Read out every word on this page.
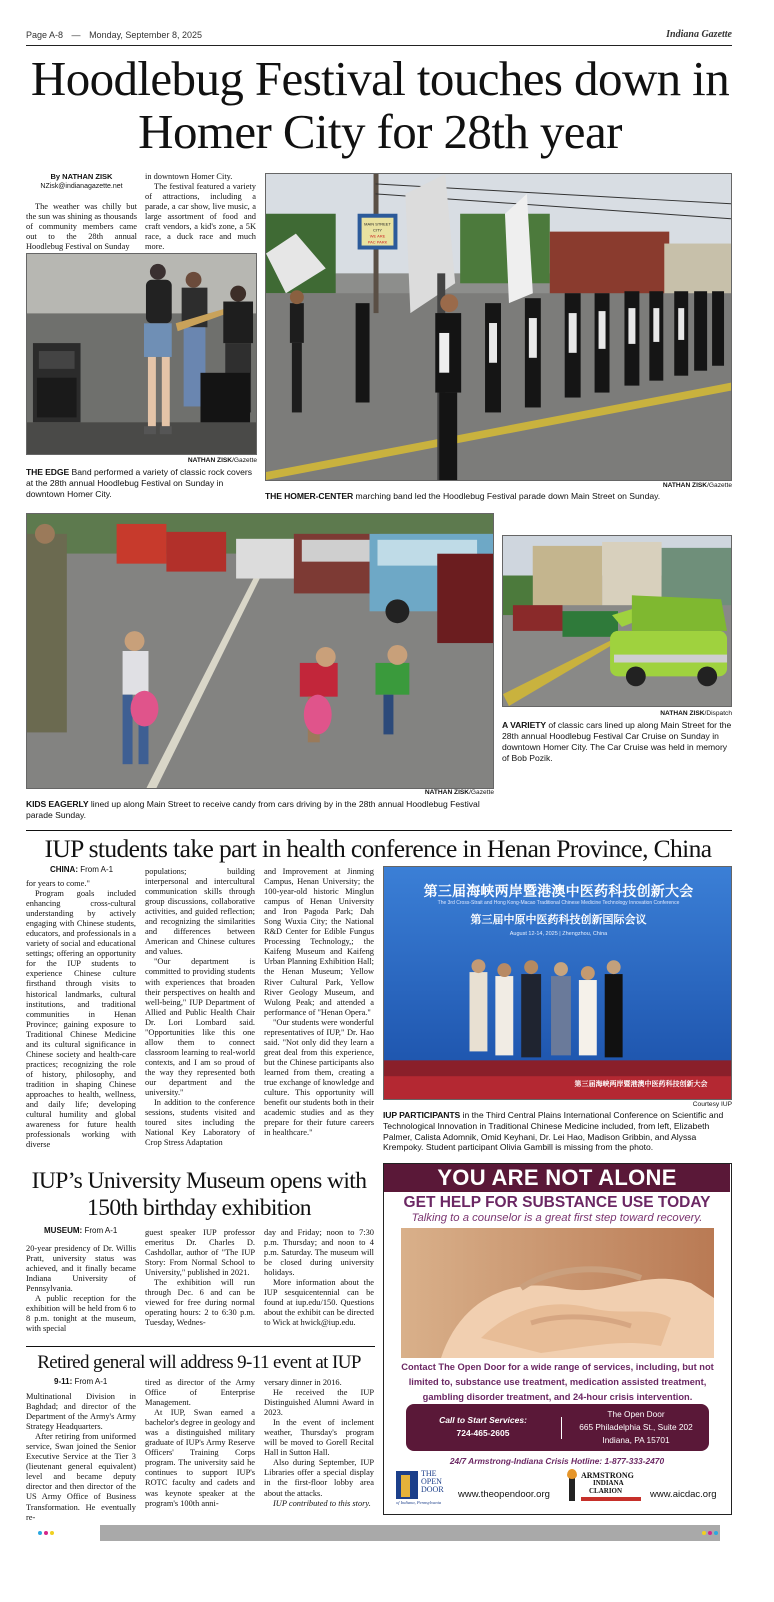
Page A-8 — Monday, September 8, 2025	Indiana Gazette
Hoodlebug Festival touches down in Homer City for 28th year
By NATHAN ZISK
NZisk@indianagazette.net

The weather was chilly but the sun was shining as thousands of community members came out to the 28th annual Hoodlebug Festival on Sunday

in downtown Homer City.

The festival featured a variety of attractions, including a parade, a car show, live music, a large assortment of food and craft vendors, a kid's zone, a 5K race, a duck race and much more.

NATHAN ZISK/Gazette
THE EDGE Band performed a variety of classic rock covers at the 28th annual Hoodlebug Festival on Sunday in downtown Homer City.
MAIN STREET
CITY
WE ARE
PAC PARK
NATHAN ZISK/Gazette
THE HOMER-CENTER marching band led the Hoodlebug Festival parade down Main Street on Sunday.
NATHAN ZISK/Gazette
KIDS EAGERLY lined up along Main Street to receive candy from cars driving by in the 28th annual Hoodlebug Festival parade Sunday.
NATHAN ZISK/Dispatch
A VARIETY of classic cars lined up along Main Street for the 28th annual Hoodlebug Festival Car Cruise on Sunday in downtown Homer City. The Car Cruise was held in memory of Bob Pozik.
IUP students take part in health conference in Henan Province, China
CHINA: From A-1

for years to come."

Program goals included enhancing cross-cultural understanding by actively engaging with Chinese students, educators, and professionals in a variety of social and educational settings; offering an opportunity for the IUP students to experience Chinese culture firsthand through visits to historical landmarks, cultural institutions, and traditional communities in Henan Province; gaining exposure to Traditional Chinese Medicine and its cultural significance in Chinese society and health-care practices; recognizing the role of history, philosophy, and tradition in shaping Chinese approaches to health, wellness, and daily life; developing cultural humility and global awareness for future health professionals working with diverse

populations; building interpersonal and intercultural communication skills through group discussions, collaborative activities, and guided reflection; and recognizing the similarities and differences between American and Chinese cultures and values.

"Our department is committed to providing students with experiences that broaden their perspectives on health and well-being," IUP Department of Allied and Public Health Chair Dr. Lori Lombard said. "Opportunities like this one allow them to connect classroom learning to real-world contexts, and I am so proud of the way they represented both our department and the university."

In addition to the conference sessions, students visited and toured sites including the National Key Laboratory of Crop Stress Adaptation

and Improvement at Jinming Campus, Henan University; the 100-year-old historic Minglun campus of Henan University and Iron Pagoda Park; Dah Song Wuxia City; the National R&D Center for Edible Fungus Processing Technology,; the Kaifeng Museum and Kaifeng Urban Planning Exhibition Hall; the Henan Museum; Yellow River Cultural Park, Yellow River Geology Museum, and Wulong Peak; and attended a performance of "Henan Opera."

"Our students were wonderful representatives of IUP," Dr. Hao said. "Not only did they learn a great deal from this experience, but the Chinese participants also learned from them, creating a true exchange of knowledge and culture. This opportunity will benefit our students both in their academic studies and as they prepare for their future careers in healthcare."

第三届海峡两岸暨港澳中医药科技创新大会
The 3rd Cross-Strait and Hong Kong-Macao Traditional Chinese Medicine Technology Innovation Conference
第三届中原中医药科技创新国际会议
August 12-14, 2025 | Zhengzhou, China
第三届海峡两岸暨港澳中医药科技创新大会
Courtesy IUP
IUP PARTICIPANTS in the Third Central Plains International Conference on Scientific and Technological Innovation in Traditional Chinese Medicine included, from left, Elizabeth Palmer, Calista Adomnik, Omid Keyhani, Dr. Lei Hao, Madison Gribbin, and Alyssa Krempoky. Student participant Olivia Gambill is missing from the photo.
IUP’s University Museum opens with 150th birthday exhibition
MUSEUM: From A-1

20-year presidency of Dr. Willis Pratt, university status was achieved, and it finally became Indiana University of Pennsylvania.

A public reception for the exhibition will be held from 6 to 8 p.m. tonight at the museum, with special

guest speaker IUP professor emeritus Dr. Charles D. Cashdollar, author of "The IUP Story: From Normal School to University," published in 2021.

The exhibition will run through Dec. 6 and can be viewed for free during normal operating hours: 2 to 6:30 p.m. Tuesday, Wednes-

day and Friday; noon to 7:30 p.m. Thursday; and noon to 4 p.m. Saturday. The museum will be closed during university holidays.

More information about the IUP sesquicentennial can be found at iup.edu/150. Questions about the exhibit can be directed to Wick at hwick@iup.edu.

Retired general will address 9-11 event at IUP
9-11: From A-1

Multinational Division in Baghdad; and director of the Department of the Army's Army Strategy Headquarters.

After retiring from uniformed service, Swan joined the Senior Executive Service at the Tier 3 (lieutenant general equivalent) level and became deputy director and then director of the US Army Office of Business Transformation. He eventually re-

tired as director of the Army Office of Enterprise Management.

At IUP, Swan earned a bachelor's degree in geology and was a distinguished military graduate of IUP's Army Reserve Officers' Training Corps program. The university said he continues to support IUP's ROTC faculty and cadets and was keynote speaker at the program's 100th anni-

versary dinner in 2016.

He received the IUP Distinguished Alumni Award in 2023.

In the event of inclement weather, Thursday's program will be moved to Gorell Recital Hall in Sutton Hall.

Also during September, IUP Libraries offer a special display in the first-floor lobby area about the attacks.

IUP contributed to this story.

YOU ARE NOT ALONE
GET HELP FOR SUBSTANCE USE TODAY
Talking to a counselor is a great first step toward recovery.
Contact The Open Door for a wide range of services, including, but not limited to, substance use treatment, medication assisted treatment, gambling disorder treatment, and 24-hour crisis intervention.
Call to Start Services:
724-465-2605
The Open Door
665 Philadelphia St., Suite 202
Indiana, PA 15701
24/7 Armstrong-Indiana Crisis Hotline: 1-877-333-2470
THE
OPEN
DOOR
of Indiana, Pennsylvania
www.theopendoor.org
ARMSTRONG
INDIANA
CLARION	www.aicdac.org
